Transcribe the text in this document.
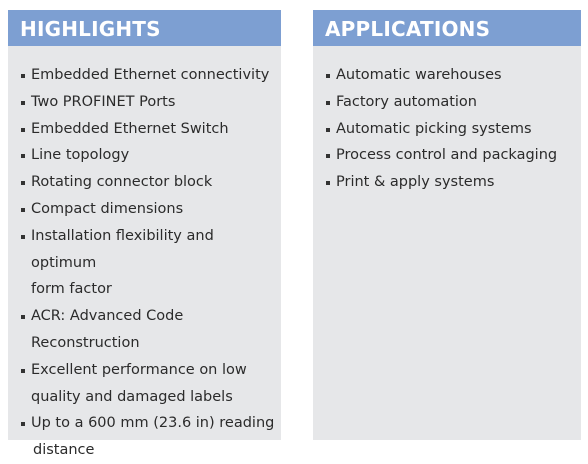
HIGHLIGHTS
Embedded Ethernet connectivity
Two PROFINET Ports
Embedded Ethernet Switch
Line topology
Rotating connector block
Compact dimensions
Installation flexibility and optimum
form factor
ACR: Advanced Code Reconstruction
Excellent performance on low
quality and damaged labels
Up to a 600 mm (23.6 in) reading
distance
APPLICATIONS
Automatic warehouses
Factory automation
Automatic picking systems
Process control and packaging
Print & apply systems
